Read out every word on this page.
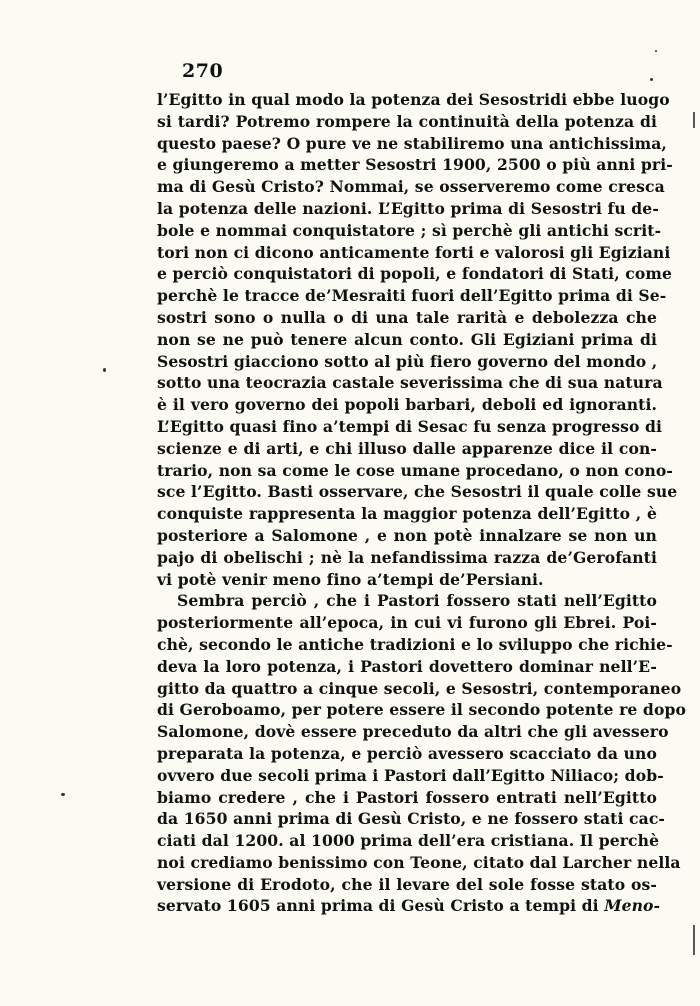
270
l’Egitto in qual modo la potenza dei Sesostridi ebbe luogo
si tardi? Potremo rompere la continuità della potenza di
questo paese? O pure ve ne stabiliremo una antichissima,
e giungeremo a metter Sesostri 1900, 2500 o più anni pri-
ma di Gesù Cristo? Nommai, se osserveremo come cresca
la potenza delle nazioni. L’Egitto prima di Sesostri fu de-
bole e nommai conquistatore ; sì perchè gli antichi scrit-
tori non ci dicono anticamente forti e valorosi gli Egiziani
e perciò conquistatori di popoli, e fondatori di Stati, come
perchè le tracce de’Mesraiti fuori dell’Egitto prima di Se-
sostri sono o nulla o di una tale rarità e debolezza che
non se ne può tenere alcun conto. Gli Egiziani prima di
Sesostri giacciono sotto al più fiero governo del mondo ,
sotto una teocrazia castale severissima che di sua natura
è il vero governo dei popoli barbari, deboli ed ignoranti.
L’Egitto quasi fino a’tempi di Sesac fu senza progresso di
scienze e di arti, e chi illuso dalle apparenze dice il con-
trario, non sa come le cose umane procedano, o non cono-
sce l’Egitto. Basti osservare, che Sesostri il quale colle sue
conquiste rappresenta la maggior potenza dell’Egitto , è
posteriore a Salomone , e non potè innalzare se non un
pajo di obelischi ; nè la nefandissima razza de’Gerofanti
vi potè venir meno fino a’tempi de’Persiani.
Sembra perciò , che i Pastori fossero stati nell’Egitto
posteriormente all’epoca, in cui vi furono gli Ebrei. Poi-
chè, secondo le antiche tradizioni e lo sviluppo che richie-
deva la loro potenza, i Pastori dovettero dominar nell’E-
gitto da quattro a cinque secoli, e Sesostri, contemporaneo
di Geroboamo, per potere essere il secondo potente re dopo
Salomone, dovè essere preceduto da altri che gli avessero
preparata la potenza, e perciò avessero scacciato da uno
ovvero due secoli prima i Pastori dall’Egitto Niliaco; dob-
biamo credere , che i Pastori fossero entrati nell’Egitto
da 1650 anni prima di Gesù Cristo, e ne fossero stati cac-
ciati dal 1200. al 1000 prima dell’era cristiana. Il perchè
noi crediamo benissimo con Teone, citato dal Larcher nella
versione di Erodoto, che il levare del sole fosse stato os-
servato 1605 anni prima di Gesù Cristo a tempi di Meno-
